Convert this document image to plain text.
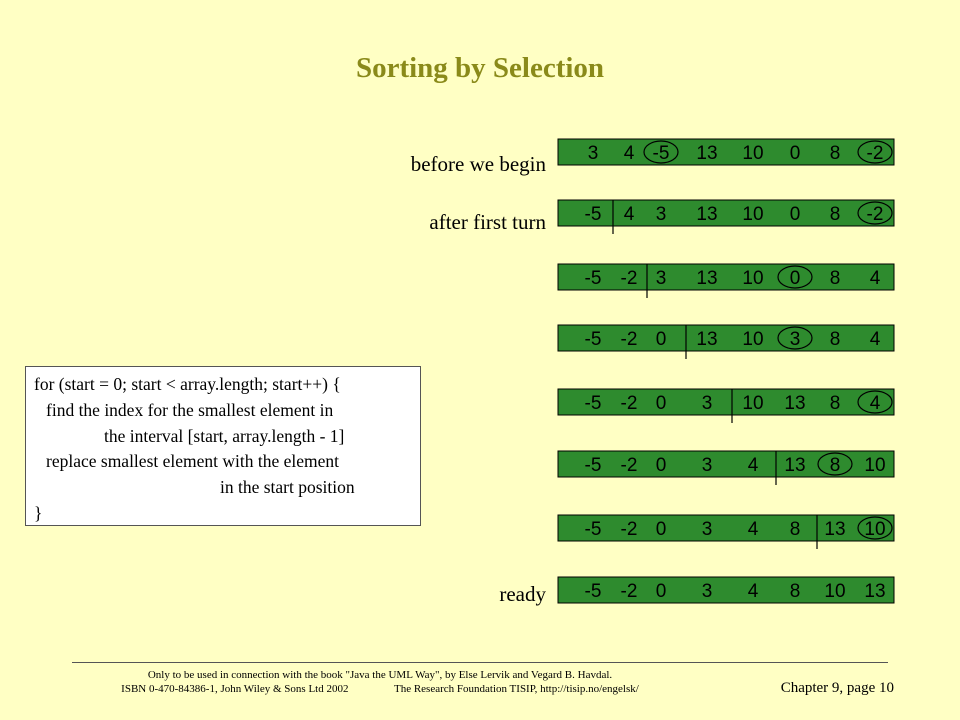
Sorting by Selection
before we begin
after first turn
ready
3 4 -5 13 10 0 8 -2
-5 4 3 13 10 0 8 -2
-5 -2 3 13 10 0 8 4
-5 -2 0 13 10 3 8 4
-5 -2 0 3 10 13 8 4
-5 -2 0 3 4 13 8 10
-5 -2 0 3 4 8 13 10
-5 -2 0 3 4 8 10 13
for (start = 0; start < array.length; start++) {
find the index for the smallest element in
the interval [start, array.length - 1]
replace smallest element with the element
in the start position
}
Only to be used in connection with the book "Java the UML Way", by Else Lervik and Vegard B. Havdal.
ISBN 0-470-84386-1, John Wiley & Sons Ltd 2002	The Research Foundation TISIP, http://tisip.no/engelsk/	Chapter 9, page 10
